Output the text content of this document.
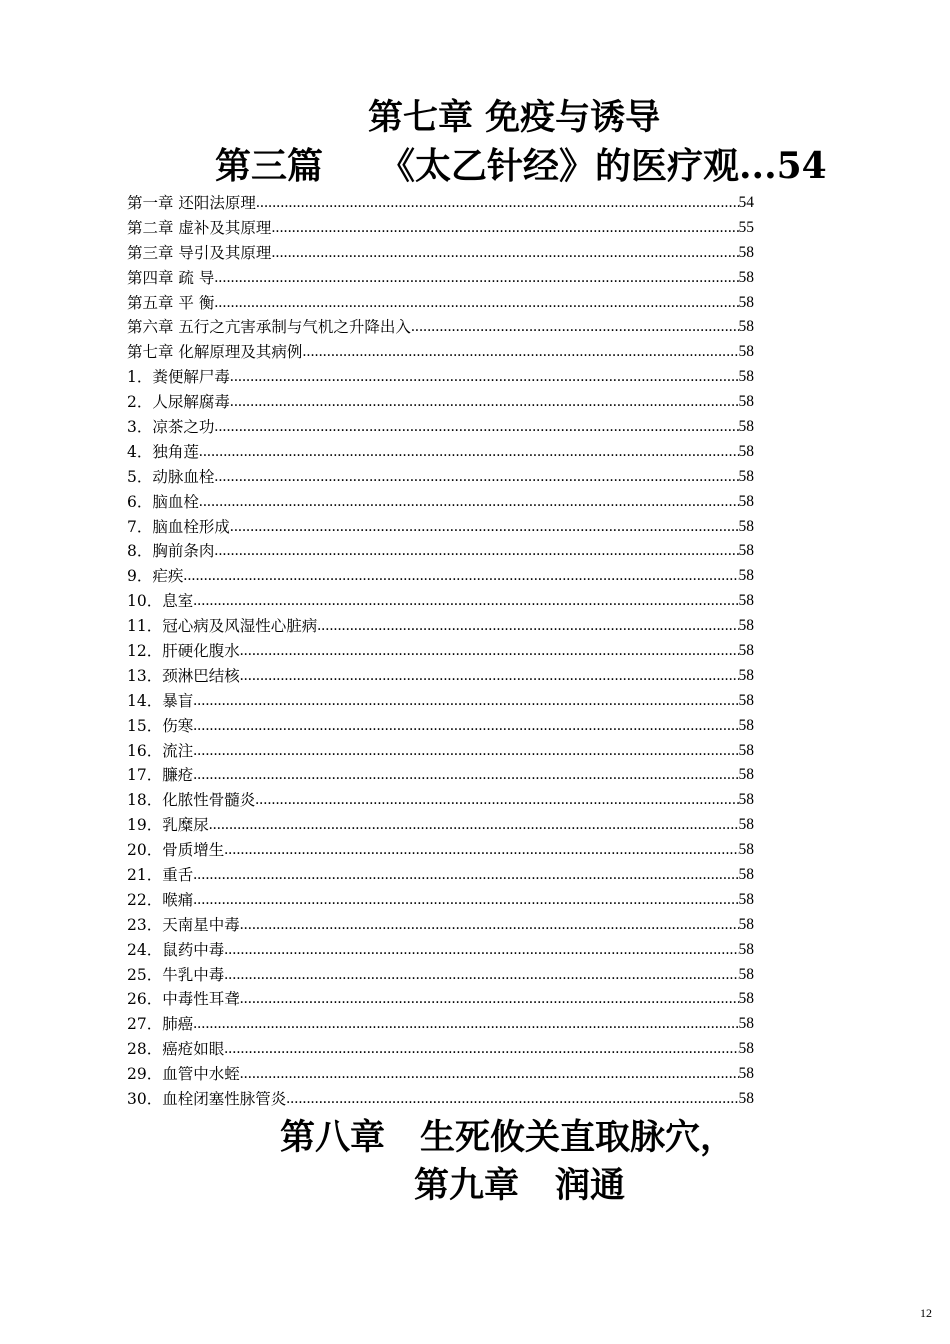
第七章 免疫与诱导
第三篇 《太乙针经》的医疗观...54
第一章 还阳法原理 .....	54
第二章 虚补及其原理 .....	55
第三章 导引及其原理 .....	58
第四章 疏 导 .....	58
第五章 平 衡 .....	58
第六章 五行之亢害承制与气机之升降出入 .....	58
第七章 化解原理及其病例 .....	58
1．粪便解尸毒 .....	58
2．人尿解腐毒 .....	58
3．凉茶之功 .....	58
4．独角莲 .....	58
5．动脉血栓 .....	58
6．脑血栓 .....	58
7．脑血栓形成 .....	58
8．胸前条肉 .....	58
9．疟疾 .....	58
10．息室 .....	58
11．冠心病及风湿性心脏病 .....	58
12．肝硬化腹水 .....	58
13．颈淋巴结核 .....	58
14．暴盲 .....	58
15．伤寒 .....	58
16．流注 .....	58
17．臁疮 .....	58
18．化脓性骨髓炎 .....	58
19．乳糜尿 .....	58
20．骨质增生 .....	58
21．重舌 .....	58
22．喉痛 .....	58
23．天南星中毒 .....	58
24．鼠药中毒 .....	58
25．牛乳中毒 .....	58
26．中毒性耳聋 .....	58
27．肺癌 .....	58
28．癌疮如眼 .....	58
29．血管中水蛭 .....	58
30．血栓闭塞性脉管炎 .....	58
第八章　生死攸关直取脉穴，
第九章 润通
12
